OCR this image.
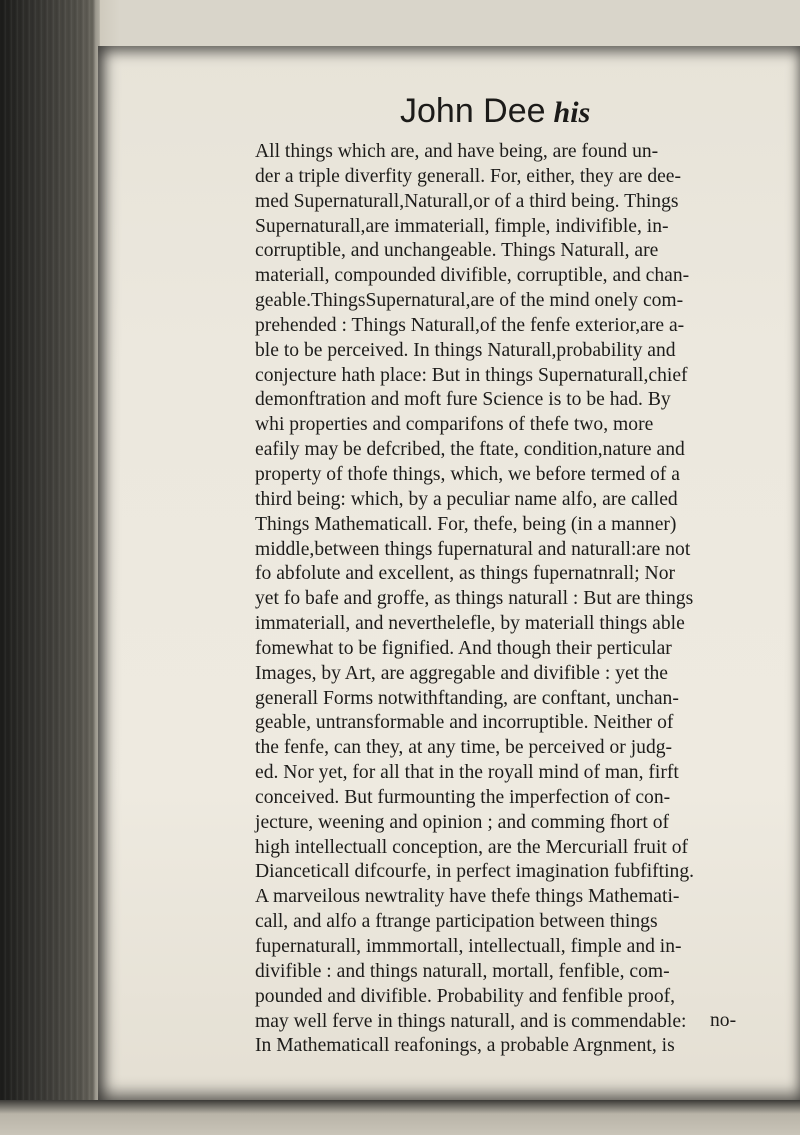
John Dee his
All things which are, and have being, are found un-
der a triple diverfity generall. For, either, they are dee-
med Supernaturall,Naturall,or of a third being. Things
Supernaturall,are immateriall, fimple, indivifible, in-
corruptible, and unchangeable. Things Naturall, are
materiall, compounded divifible, corruptible, and chan-
geable.ThingsSupernatural,are of the mind onely com-
prehended : Things Naturall,of the fenfe exterior,are a-
ble to be perceived. In things Naturall,probability and
conjecture hath place: But in things Supernaturall,chief
demonftration and moft fure Science is to be had. By
whi properties and comparifons of thefe two, more
eafily may be defcribed, the ftate, condition,nature and
property of thofe things, which, we before termed of a
third being: which, by a peculiar name alfo, are called
Things Mathematicall. For, thefe, being (in a manner)
middle,between things fupernatural and naturall:are not
fo abfolute and excellent, as things fupernatnrall; Nor
yet fo bafe and groffe, as things naturall : But are things
immateriall, and neverthelefle, by materiall things able
fomewhat to be fignified. And though their perticular
Images, by Art, are aggregable and divifible : yet the
generall Forms notwithftanding, are conftant, unchan-
geable, untransformable and incorruptible. Neither of
the fenfe, can they, at any time, be perceived or judg-
ed. Nor yet, for all that in the royall mind of man, firft
conceived. But furmounting the imperfection of con-
jecture, weening and opinion ; and comming fhort of
high intellectuall conception, are the Mercuriall fruit of
Dianceticall difcourfe, in perfect imagination fubfifting.
A marveilous newtrality have thefe things Mathemati-
call, and alfo a ftrange participation between things
fupernaturall, immmortall, intellectuall, fimple and in-
divifible : and things naturall, mortall, fenfible, com-
pounded and divifible. Probability and fenfible proof,
may well ferve in things naturall, and is commendable:
In Mathematicall reafonings, a probable Argnment, is
no-
